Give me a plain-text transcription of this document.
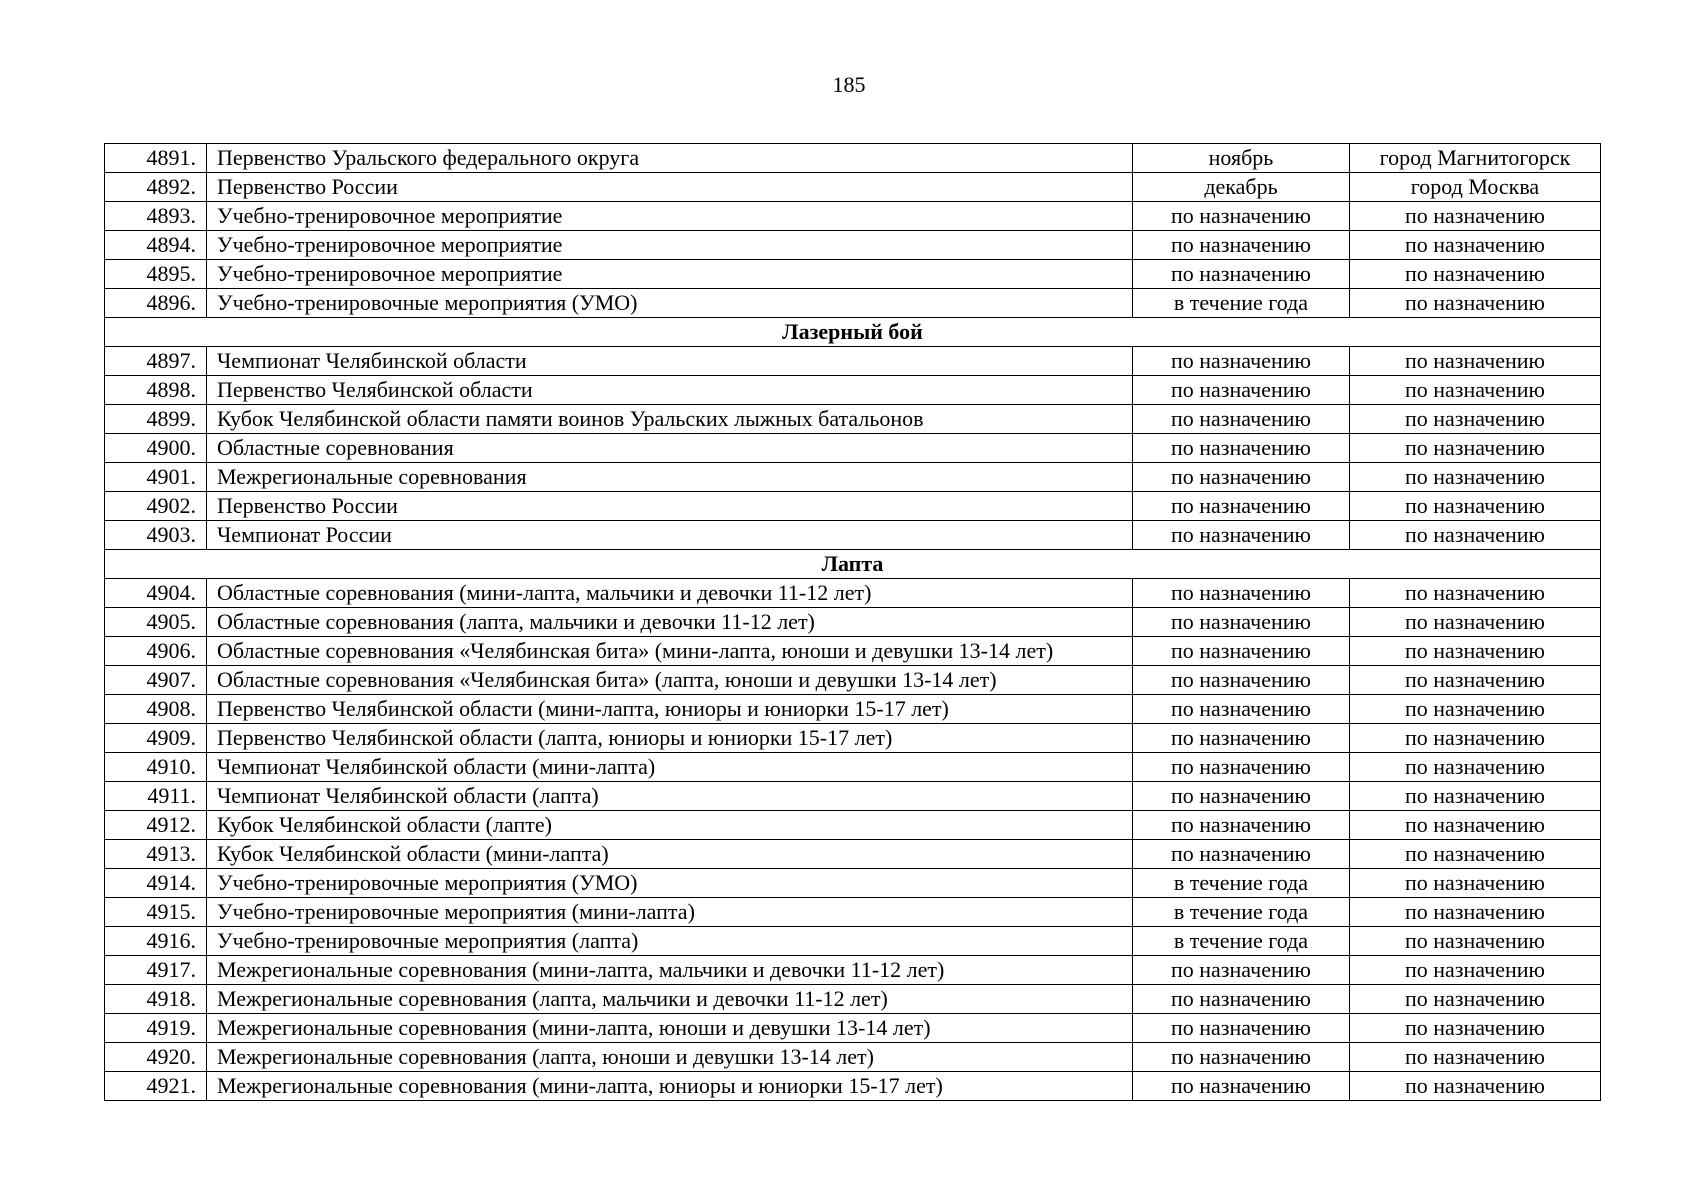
185
4891.	Первенство Уральского федерального округа	ноябрь	город Магнитогорск
4892.	Первенство России	декабрь	город Москва
4893.	Учебно-тренировочное мероприятие	по назначению	по назначению
4894.	Учебно-тренировочное мероприятие	по назначению	по назначению
4895.	Учебно-тренировочное мероприятие	по назначению	по назначению
4896.	Учебно-тренировочные мероприятия (УМО)	в течение года	по назначению
Лазерный бой			
4897.	Чемпионат Челябинской области	по назначению	по назначению
4898.	Первенство Челябинской области	по назначению	по назначению
4899.	Кубок Челябинской области памяти воинов Уральских лыжных батальонов	по назначению	по назначению
4900.	Областные соревнования	по назначению	по назначению
4901.	Межрегиональные соревнования	по назначению	по назначению
4902.	Первенство России	по назначению	по назначению
4903.	Чемпионат России	по назначению	по назначению
Лапта			
4904.	Областные соревнования (мини-лапта, мальчики и девочки 11-12 лет)	по назначению	по назначению
4905.	Областные соревнования (лапта, мальчики и девочки 11-12 лет)	по назначению	по назначению
4906.	Областные соревнования «Челябинская бита» (мини-лапта, юноши и девушки 13-14 лет)	по назначению	по назначению
4907.	Областные соревнования «Челябинская бита» (лапта, юноши и девушки 13-14 лет)	по назначению	по назначению
4908.	Первенство Челябинской области (мини-лапта, юниоры и юниорки 15-17 лет)	по назначению	по назначению
4909.	Первенство Челябинской области (лапта, юниоры и юниорки 15-17 лет)	по назначению	по назначению
4910.	Чемпионат Челябинской области (мини-лапта)	по назначению	по назначению
4911.	Чемпионат Челябинской области (лапта)	по назначению	по назначению
4912.	Кубок Челябинской области (лапте)	по назначению	по назначению
4913.	Кубок Челябинской области (мини-лапта)	по назначению	по назначению
4914.	Учебно-тренировочные мероприятия (УМО)	в течение года	по назначению
4915.	Учебно-тренировочные мероприятия (мини-лапта)	в течение года	по назначению
4916.	Учебно-тренировочные мероприятия (лапта)	в течение года	по назначению
4917.	Межрегиональные соревнования (мини-лапта, мальчики и девочки 11-12 лет)	по назначению	по назначению
4918.	Межрегиональные соревнования (лапта, мальчики и девочки 11-12 лет)	по назначению	по назначению
4919.	Межрегиональные соревнования (мини-лапта, юноши и девушки 13-14 лет)	по назначению	по назначению
4920.	Межрегиональные соревнования (лапта, юноши и девушки 13-14 лет)	по назначению	по назначению
4921.	Межрегиональные соревнования (мини-лапта, юниоры и юниорки 15-17 лет)	по назначению	по назначению
